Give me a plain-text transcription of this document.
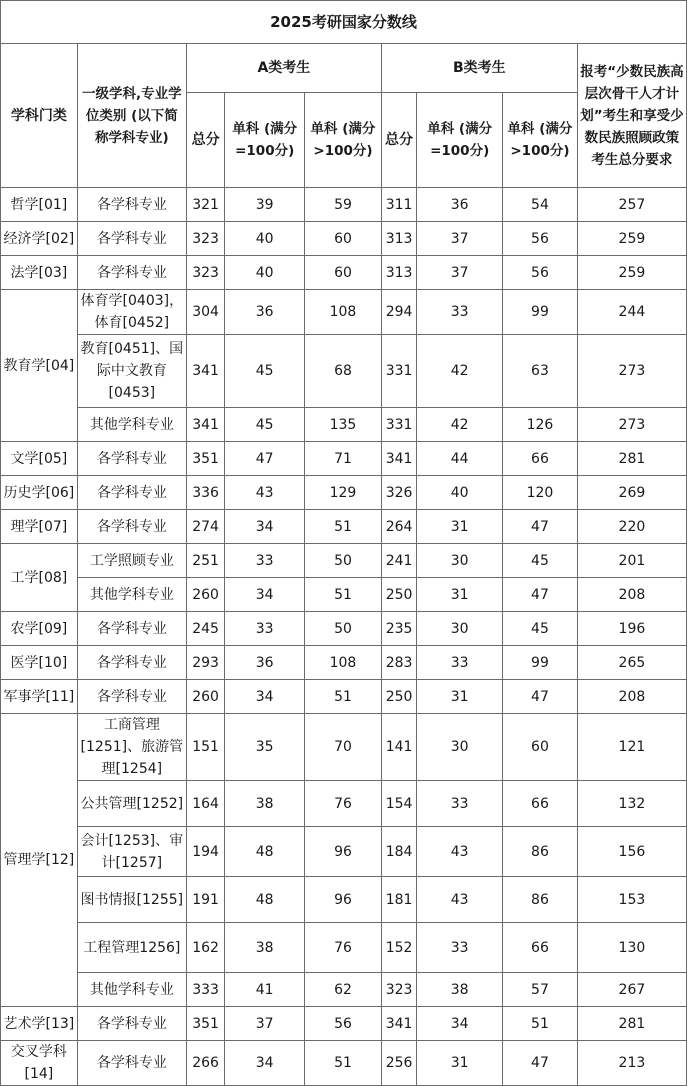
2025考研国家分数线								
学科门类	一级学科,专业学位类别 (以下简称学科专业)	A类考生			B类考生			报考“少数民族高层次骨干人才计划”考生和享受少数民族照顾政策考生总分要求
		总分	单科 (满分=100分)	单科 (满分>100分)	总分	单科 (满分=100分)	单科 (满分>100分)	
哲学[01]	各学科专业	321	39	59	311	36	54	257
经济学[02]	各学科专业	323	40	60	313	37	56	259
法学[03]	各学科专业	323	40	60	313	37	56	259
教育学[04]	体育学[0403]，体育[0452]	304	36	108	294	33	99	244
	教育[0451]、国际中文教育[0453]	341	45	68	331	42	63	273
	其他学科专业	341	45	135	331	42	126	273
文学[05]	各学科专业	351	47	71	341	44	66	281
历史学[06]	各学科专业	336	43	129	326	40	120	269
理学[07]	各学科专业	274	34	51	264	31	47	220
工学[08]	工学照顾专业	251	33	50	241	30	45	201
	其他学科专业	260	34	51	250	31	47	208
农学[09]	各学科专业	245	33	50	235	30	45	196
医学[10]	各学科专业	293	36	108	283	33	99	265
军事学[11]	各学科专业	260	34	51	250	31	47	208
管理学[12]	工商管理[1251]、旅游管理[1254]	151	35	70	141	30	60	121
	公共管理[1252]	164	38	76	154	33	66	132
	会计[1253]、审计[1257]	194	48	96	184	43	86	156
	图书情报[1255]	191	48	96	181	43	86	153
	工程管理1256]	162	38	76	152	33	66	130
	其他学科专业	333	41	62	323	38	57	267
艺术学[13]	各学科专业	351	37	56	341	34	51	281
交叉学科[14]	各学科专业	266	34	51	256	31	47	213
